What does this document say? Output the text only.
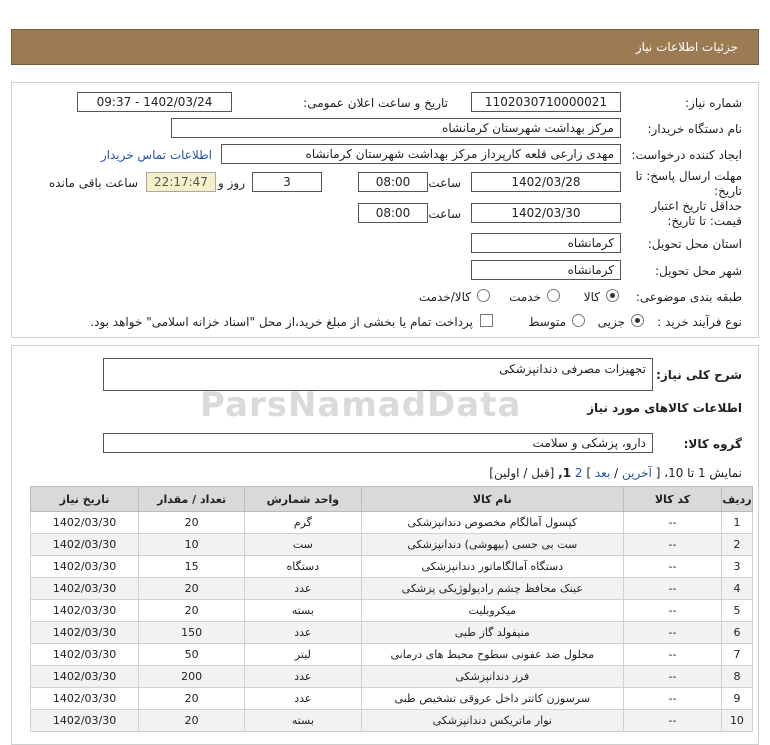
جزئیات اطلاعات نیاز
شماره نیاز:
1102030710000021
تاریخ و ساعت اعلان عمومی:
1402/03/24 - 09:37
نام دستگاه خریدار:
مرکز بهداشت شهرستان کرمانشاه
ایجاد کننده درخواست:
مهدی زارعی قلعه کارپرداز مرکز بهداشت شهرستان کرمانشاه
اطلاعات تماس خریدار
مهلت ارسال پاسخ: تا تاریخ:
1402/03/28
ساعت
08:00
3
روز و
22:17:47
ساعت باقی مانده
حداقل تاریخ اعتبار قیمت: تا تاریخ:
1402/03/30
ساعت
08:00
استان محل تحویل:
کرمانشاه
شهر محل تحویل:
کرمانشاه
طبقه بندی موضوعی:
کالا
خدمت
کالا/خدمت
نوع فرآیند خرید :
جزیی
متوسط
پرداخت تمام یا بخشی از مبلغ خرید،از محل "اسناد خزانه اسلامی" خواهد بود.
شرح کلی نیاز:
تجهیزات مصرفی دندانپزشکی
اطلاعات کالاهای مورد نیاز
گروه کالا:
دارو، پزشکی و سلامت
نمایش 1 تا 10، [ آخرین / بعد ] 2 1, [قبل / اولین]
ردیف	کد کالا	نام کالا	واحد شمارش	تعداد / مقدار	تاریخ نیاز
1	--	کپسول آمالگام مخصوص دندانپزشکی	گرم	20	1402/03/30
2	--	ست بی حسی (بیهوشی) دندانپزشکی	ست	10	1402/03/30
3	--	دستگاه آمالگاماتور دندانپزشکی	دستگاه	15	1402/03/30
4	--	عینک محافظ چشم رادیولوژیکی پزشکی	عدد	20	1402/03/30
5	--	میکروبلیت	بسته	20	1402/03/30
6	--	منیفولد گاز طبی	عدد	150	1402/03/30
7	--	محلول ضد عفونی سطوح محیط های درمانی	لیتر	50	1402/03/30
8	--	فرز دندانپزشکی	عدد	200	1402/03/30
9	--	سرسوزن کاتتر داخل عروقی تشخیص طبی	عدد	20	1402/03/30
10	--	نوار ماتریکس دندانپزشکی	بسته	20	1402/03/30
ParsNamadData
